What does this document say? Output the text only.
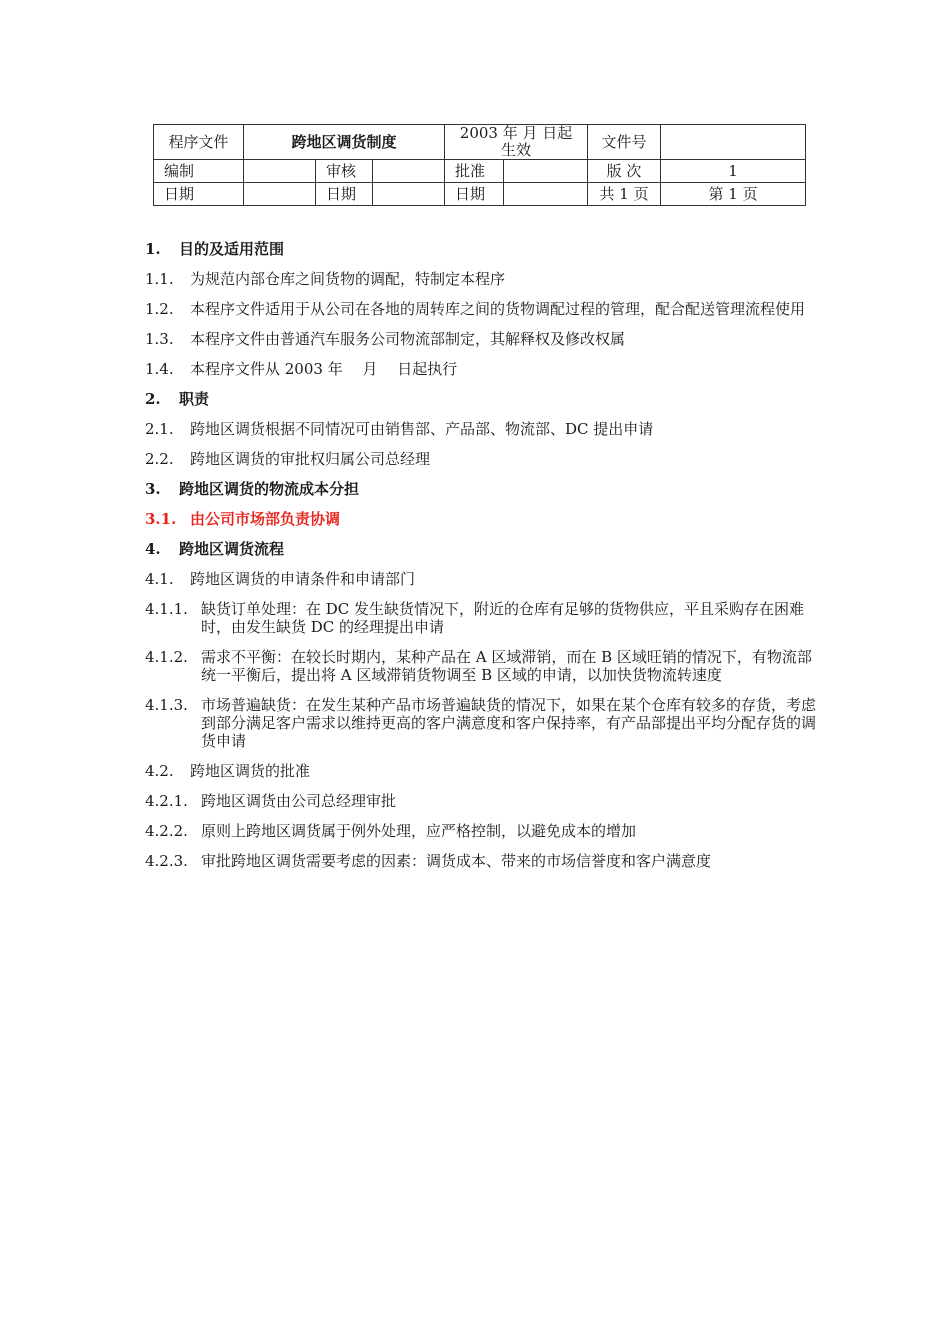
程序文件	跨地区调货制度			2003 年 月 日起生效		文件号	
编制		审核		批准		版 次	1
日期		日期		日期		共 1 页	第 1 页
1.	目的及适用范围
1.1.	为规范内部仓库之间货物的调配，特制定本程序
1.2.	本程序文件适用于从公司在各地的周转库之间的货物调配过程的管理，配合配送管理流程使用
1.3.	本程序文件由普通汽车服务公司物流部制定，其解释权及修改权属
1.4.	本程序文件从 2003 年　 月　 日起执行
2.	职责
2.1.	跨地区调货根据不同情况可由销售部、产品部、物流部、DC 提出申请
2.2.	跨地区调货的审批权归属公司总经理
3.	跨地区调货的物流成本分担
3.1. 由公司市场部负责协调
4.	跨地区调货流程
4.1.	跨地区调货的申请条件和申请部门
4.1.1. 缺货订单处理：在 DC 发生缺货情况下，附近的仓库有足够的货物供应，平且采购存在困难时，由发生缺货 DC 的经理提出申请
4.1.2. 需求不平衡：在较长时期内，某种产品在 A 区域滞销，而在 B 区域旺销的情况下，有物流部统一平衡后，提出将 A 区域滞销货物调至 B 区域的申请，以加快货物流转速度
4.1.3. 市场普遍缺货：在发生某种产品市场普遍缺货的情况下，如果在某个仓库有较多的存货，考虑到部分满足客户需求以维持更高的客户满意度和客户保持率，有产品部提出平均分配存货的调货申请
4.2.	跨地区调货的批准
4.2.1. 跨地区调货由公司总经理审批
4.2.2. 原则上跨地区调货属于例外处理，应严格控制，以避免成本的增加
4.2.3. 审批跨地区调货需要考虑的因素：调货成本、带来的市场信誉度和客户满意度
